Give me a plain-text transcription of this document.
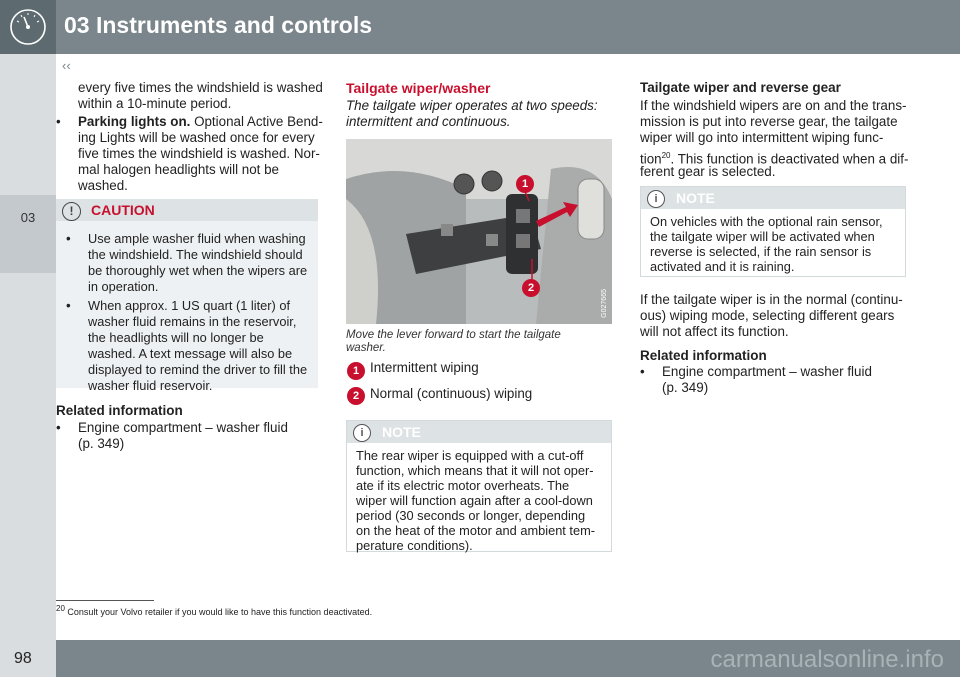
03 Instruments and controls
‹‹
03
every five times the windshield is washed
within a 10-minute period.
• Parking lights on. Optional Active Bend-
ing Lights will be washed once for every
five times the windshield is washed. Nor-
mal halogen headlights will not be
washed.
!	CAUTION
• Use ample washer fluid when washing
the windshield. The windshield should
be thoroughly wet when the wipers are
in operation.
• When approx. 1 US quart (1 liter) of
washer fluid remains in the reservoir,
the headlights will no longer be
washed. A text message will also be
displayed to remind the driver to fill the
washer fluid reservoir.
Related information
• Engine compartment – washer fluid
(p. 349)
Tailgate wiper/washer
The tailgate wiper operates at two speeds:
intermittent and continuous.
1
2
G027665
Move the lever forward to start the tailgate
washer.
1 Intermittent wiping
2 Normal (continuous) wiping
i	NOTE
The rear wiper is equipped with a cut-off
function, which means that it will not oper-
ate if its electric motor overheats. The
wiper will function again after a cool-down
period (30 seconds or longer, depending
on the heat of the motor and ambient tem-
perature conditions).
Tailgate wiper and reverse gear
If the windshield wipers are on and the trans-
mission is put into reverse gear, the tailgate
wiper will go into intermittent wiping func-
tion$^{20}$. This function is deactivated when a dif-
ferent gear is selected.
i	NOTE
On vehicles with the optional rain sensor,
the tailgate wiper will be activated when
reverse is selected, if the rain sensor is
activated and it is raining.
If the tailgate wiper is in the normal (continu-
ous) wiping mode, selecting different gears
will not affect its function.
Related information
• Engine compartment – washer fluid
(p. 349)
$^{20}$ Consult your Volvo retailer if you would like to have this function deactivated.
98	carmanualsonline.info
